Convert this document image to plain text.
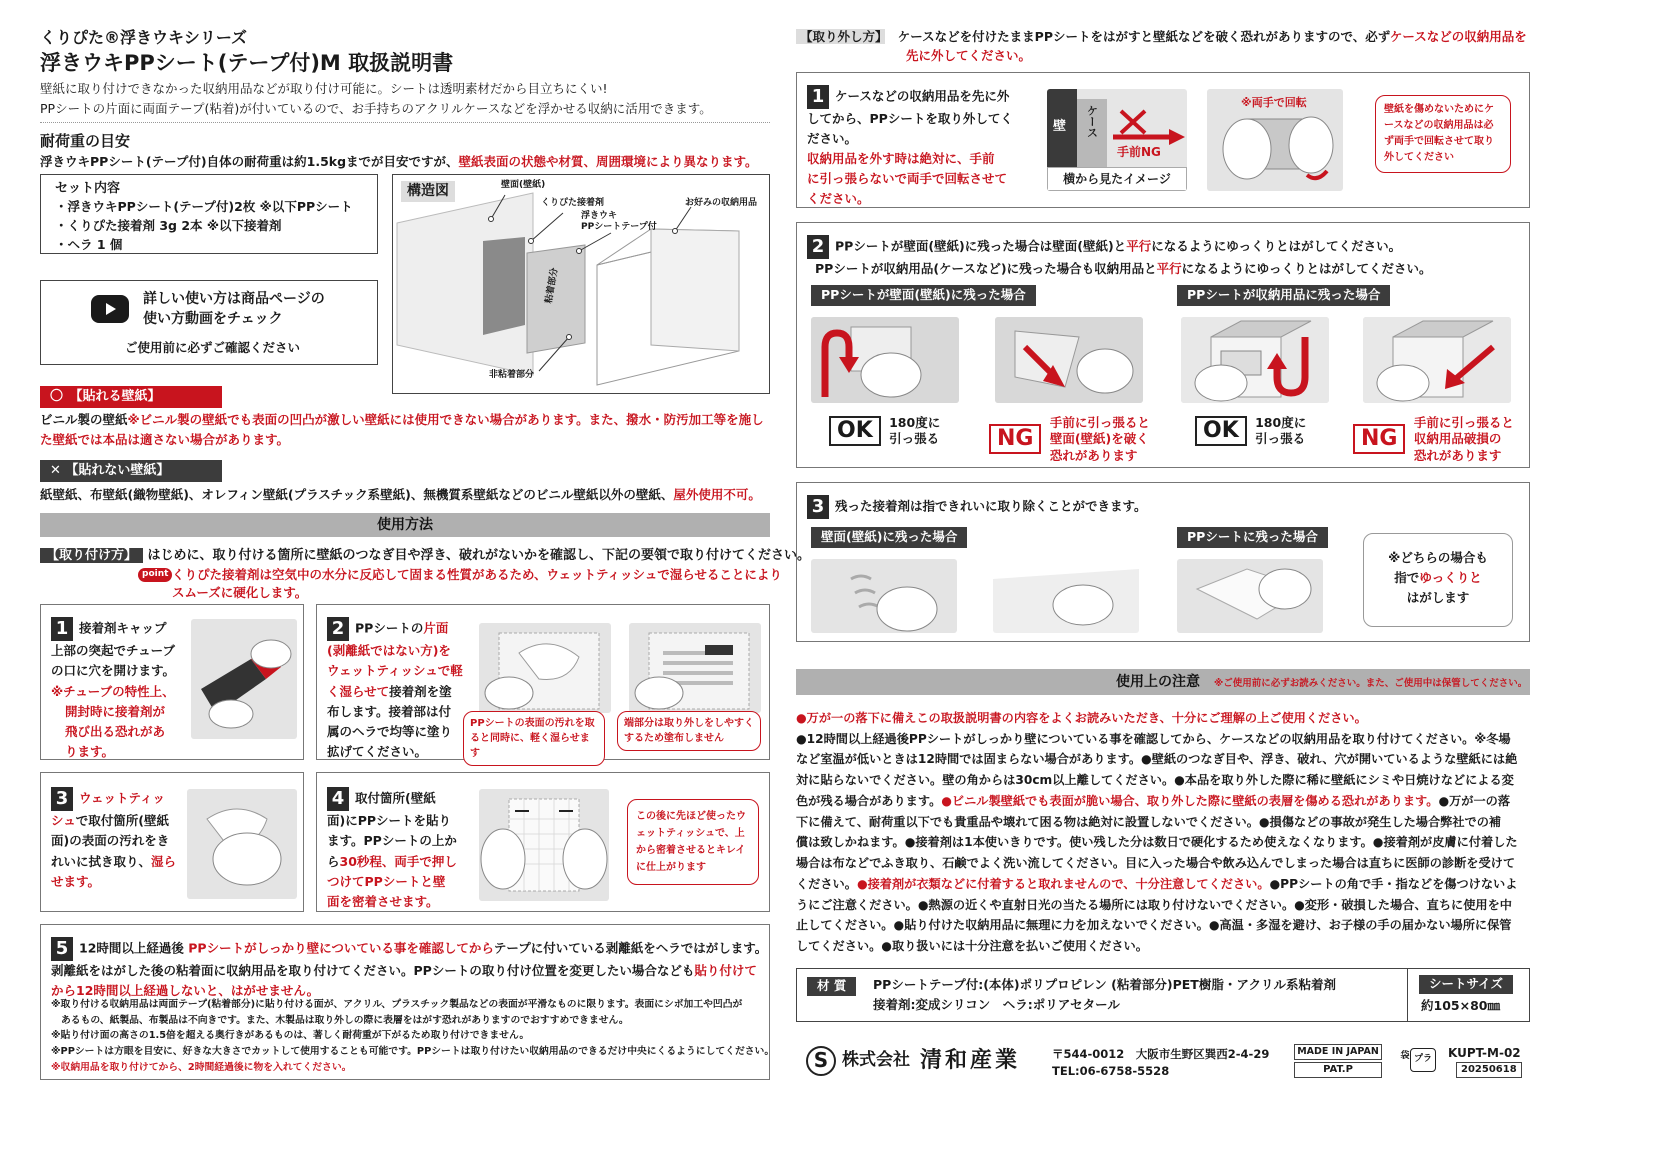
くりぴた®浮きウキシリーズ
浮きウキPPシート(テープ付)M 取扱説明書
壁紙に取り付けできなかった収納用品などが取り付け可能に。シートは透明素材だから目立ちにくい!
PPシートの片面に両面テープ(粘着)が付いているので、お手持ちのアクリルケースなどを浮かせる収納に活用できます。
耐荷重の目安
浮きウキPPシート(テープ付)自体の耐荷重は約1.5kgまでが目安ですが、壁紙表面の状態や材質、周囲環境により異なります。
セット内容
・浮きウキPPシート(テープ付)2枚 ※以下PPシート
・くりぴた接着剤 3g 2本 ※以下接着剤
・ヘラ 1 個
詳しい使い方は商品ページの
使い方動画をチェック
ご使用前に必ずご確認ください
構造図	壁面(壁紙)
くりぴた接着剤
浮きウキ
PPシートテープ付
お好みの収納用品
粘着部分
非粘着部分
〇　【貼れる壁紙】
ビニル製の壁紙※ビニル製の壁紙でも表面の凹凸が激しい壁紙には使用できない場合があります。また、撥水・防汚加工等を施した壁紙では本品は適さない場合があります。
✕ 【貼れない壁紙】
紙壁紙、布壁紙(織物壁紙)、オレフィン壁紙(プラスチック系壁紙)、無機質系壁紙などのビニル壁紙以外の壁紙、屋外使用不可。
使用方法
【取り付け方】 はじめに、取り付ける箇所に壁紙のつなぎ目や浮き、破れがないかを確認し、下記の要領で取り付けてください。
point くりぴた接着剤は空気中の水分に反応して固まる性質があるため、ウェットティッシュで湿らせることにより
スムーズに硬化します。
1 接着剤キャップ
上部の突起でチューブ
の口に穴を開けます。
※チューブの特性上、
開封時に接着剤が
飛び出る恐れがあ
ります。
2 PPシートの片面
(剥離紙ではない方)を
ウェットティッシュで軽
く湿らせて接着剤を塗
布します。接着部は付
属のヘラで均等に塗り
拡げてください。
PPシートの表面の汚れを取ると同時に、軽く湿らせます
端部分は取り外しをしやすくするため塗布しません
3 ウェットティッ
シュで取付箇所(壁紙
面)の表面の汚れをき
れいに拭き取り、湿ら
せます。
4 取付箇所(壁紙
面)にPPシートを貼り
ます。PPシートの上か
ら30秒程、両手で押し
つけてPPシートと壁
面を密着させます。
この後に先ほど使ったウェットティッシュで、上から密着させるとキレイに仕上がります
5 12時間以上経過後 PPシートがしっかり壁についている事を確認してからテープに付いている剥離紙をヘラではがします。
剥離紙をはがした後の粘着面に収納用品を取り付けてください。PPシートの取り付け位置を変更したい場合なども貼り付けて
から12時間以上経過しないと、はがせません。
※取り付ける収納用品は両面テープ(粘着部分)に貼り付ける面が、アクリル、プラスチック製品などの表面が平滑なものに限ります。表面にシボ加工や凹凸が
あるもの、紙製品、布製品は不向きです。また、木製品は取り外しの際に表層をはがす恐れがありますのでおすすめできません。
※貼り付け面の高さの1.5倍を超える奥行きがあるものは、著しく耐荷重が下がるため取り付けできません。
※PPシートは方眼を目安に、好きな大きさでカットして使用することも可能です。PPシートは取り付けたい収納用品のできるだけ中央にくるようにしてください。
※収納用品を取り付けてから、2時間経過後に物を入れてください。
【取り外し方】　 ケースなどを付けたままPPシートをはがすと壁紙などを破く恐れがありますので、必ずケースなどの収納用品を
先に外してください。
1 ケースなどの収納用品を先に外
してから、PPシートを取り外してく
ださい。
収納用品を外す時は絶対に、手前
に引っ張らないで両手で回転させて
ください。
壁 ケース
手前NG
横から見たイメージ
※両手で回転
壁紙を傷めないためにケースなどの収納用品は必ず両手で回転させて取り外してください
2 PPシートが壁面(壁紙)に残った場合は壁面(壁紙)と平行になるようにゆっくりとはがしてください。
PPシートが収納用品(ケースなど)に残った場合も収納用品と平行になるようにゆっくりとはがしてください。
PPシートが壁面(壁紙)に残った場合	PPシートが収納用品に残った場合
OK 180度に
引っ張る	NG
手前に引っ張ると
壁面(壁紙)を破く
恐れがあります
OK 180度に
引っ張る	NG
手前に引っ張ると
収納用品破損の
恐れがあります
3 残った接着剤は指できれいに取り除くことができます。
壁面(壁紙)に残った場合	PPシートに残った場合
※どちらの場合も
指でゆっくりと
はがします
使用上の注意　 ※ご使用前に必ずお読みください。また、ご使用中は保管してください。
●万が一の落下に備えこの取扱説明書の内容をよくお読みいただき、十分にご理解の上ご使用ください。
●12時間以上経過後PPシートがしっかり壁についている事を確認してから、ケースなどの収納用品を取り付けてください。※冬場
など室温が低いときは12時間では固まらない場合があります。●壁紙のつなぎ目や、浮き、破れ、穴が開いているような壁紙には絶
対に貼らないでください。壁の角からは30cm以上離してください。●本品を取り外した際に稀に壁紙にシミや日焼けなどによる変
色が残る場合があります。●ビニル製壁紙でも表面が脆い場合、取り外した際に壁紙の表層を傷める恐れがあります。●万が一の落
下に備えて、耐荷重以下でも貴重品や壊れて困る物は絶対に設置しないでください。●損傷などの事故が発生した場合弊社での補
償は致しかねます。●接着剤は1本使いきりです。使い残した分は数日で硬化するため使えなくなります。●接着剤が皮膚に付着した
場合は布などでふき取り、石鹸でよく洗い流してください。目に入った場合や飲み込んでしまった場合は直ちに医師の診断を受けて
ください。●接着剤が衣類などに付着すると取れませんので、十分注意してください。●PPシートの角で手・指などを傷つけないよ
うにご注意ください。●熱源の近くや直射日光の当たる場所には取り付けないでください。●変形・破損した場合、直ちに使用を中
止してください。●貼り付けた収納用品に無理に力を加えないでください。●高温・多湿を避け、お子様の手の届かない場所に保管
してください。●取り扱いには十分注意を払いご使用ください。
材 質	PPシートテープ付:(本体)ポリプロピレン (粘着部分)PET樹脂・アクリル系粘着剤
接着剤:変成シリコン　ヘラ:ポリアセタール
シートサイズ
約105×80㎜
S 株式会社 清和産業	〒544-0012　大阪市生野区巽西2-4-29
TEL:06-6758-5528
MADE IN JAPAN
PAT.P
袋 プラ	KUPT-M-02
20250618
